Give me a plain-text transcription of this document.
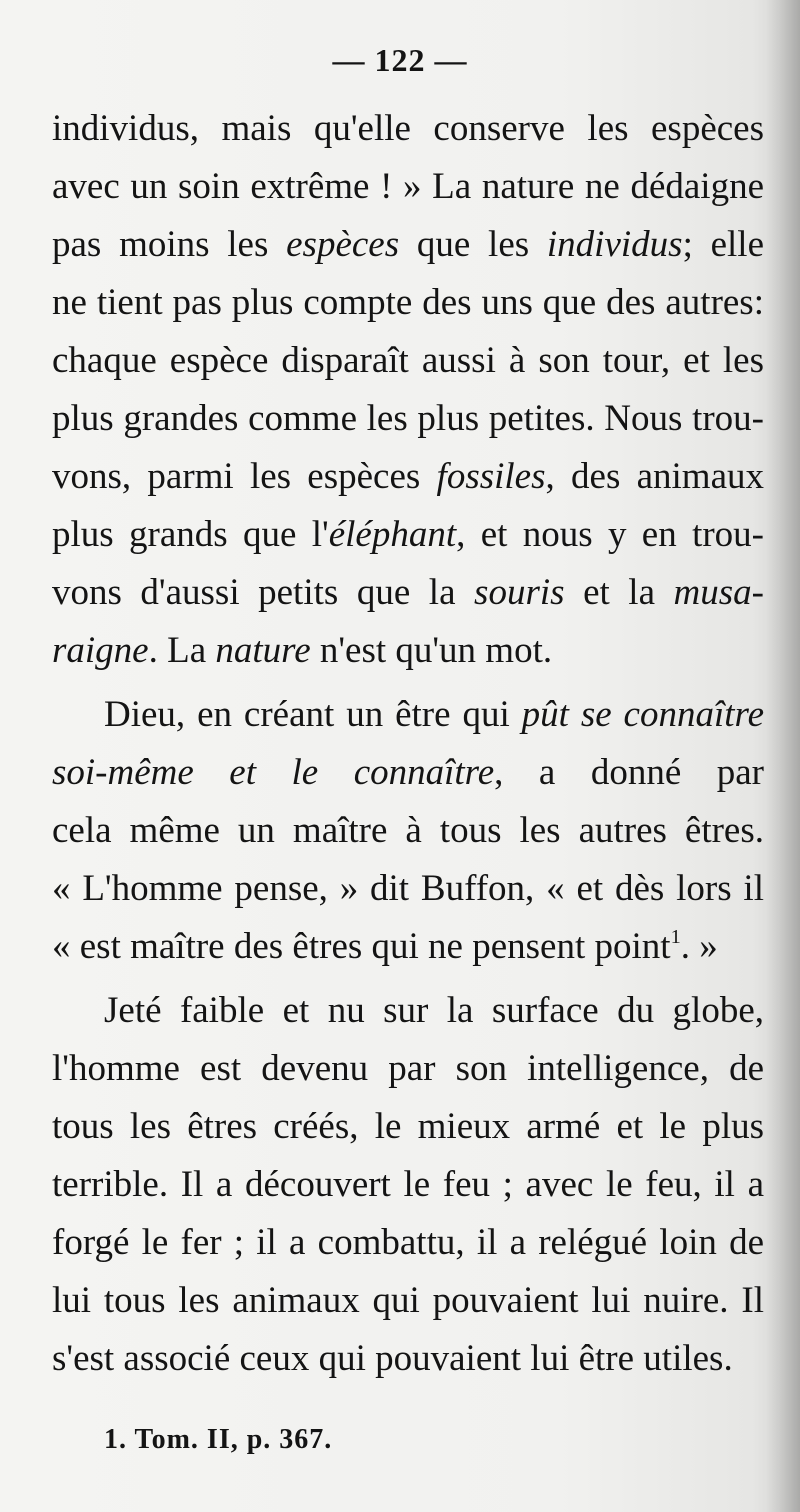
— 122 —
individus, mais qu'elle conserve les espèces
avec un soin extrême ! » La nature ne dédaigne
pas moins les espèces que les individus; elle
ne tient pas plus compte des uns que des autres:
chaque espèce disparaît aussi à son tour, et les
plus grandes comme les plus petites. Nous trou-
vons, parmi les espèces fossiles, des animaux
plus grands que l'éléphant, et nous y en trou-
vons d'aussi petits que la souris et la musa-
raigne. La nature n'est qu'un mot.
Dieu, en créant un être qui pût se connaître
soi-même et le connaître, a donné par
cela même un maître à tous les autres êtres.
« L'homme pense, » dit Buffon, « et dès lors il
« est maître des êtres qui ne pensent point$^1$. »
Jeté faible et nu sur la surface du globe,
l'homme est devenu par son intelligence, de
tous les êtres créés, le mieux armé et le plus
terrible. Il a découvert le feu ; avec le feu, il a
forgé le fer ; il a combattu, il a relégué loin de
lui tous les animaux qui pouvaient lui nuire. Il
s'est associé ceux qui pouvaient lui être utiles.
1. Tom. II, p. 367.
